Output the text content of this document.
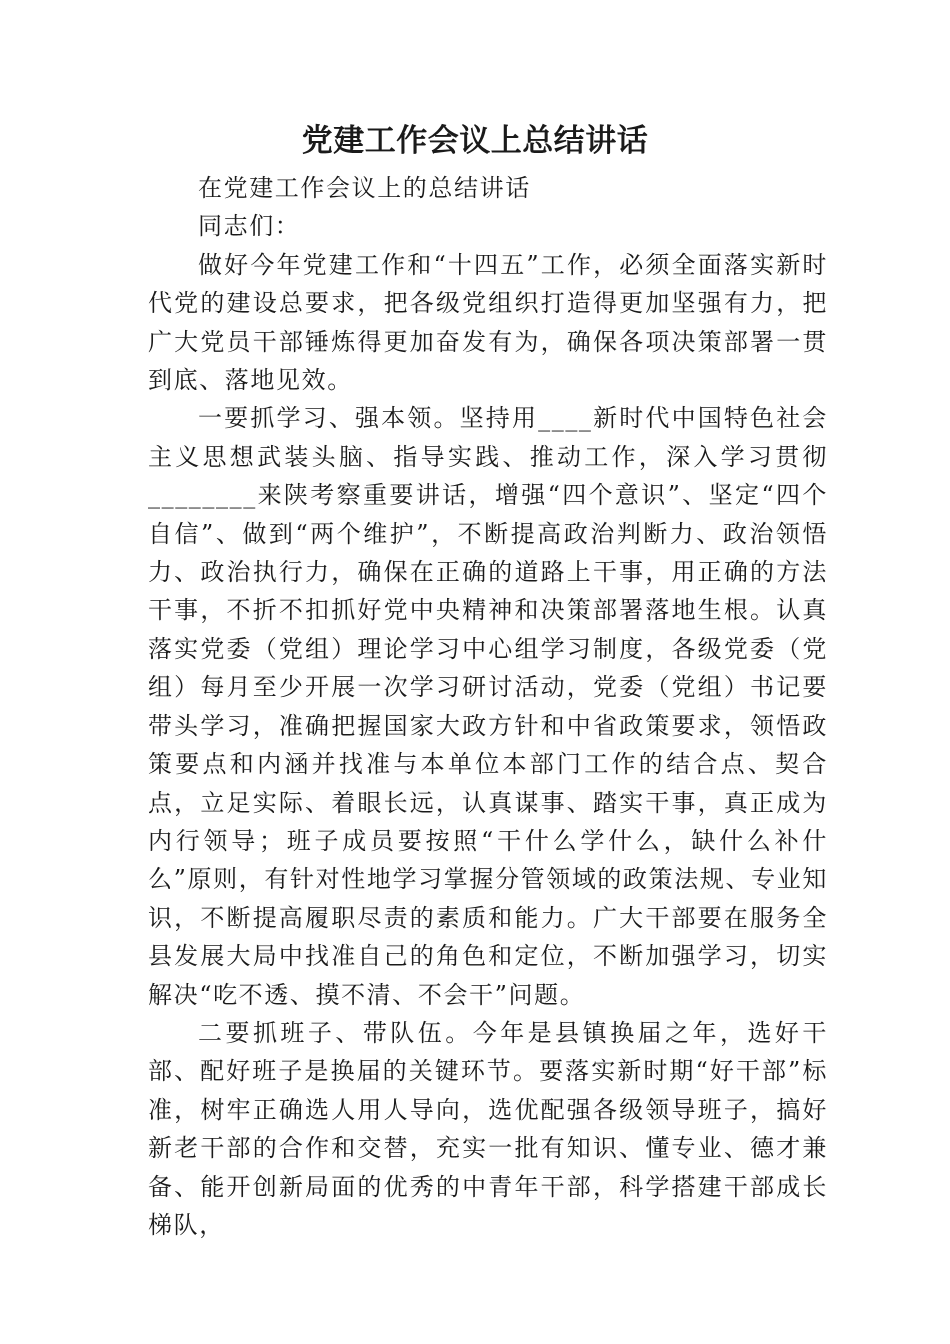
党建工作会议上总结讲话

在党建工作会议上的总结讲话

同志们：

做好今年党建工作和“十四五”工作，必须全面落实新时代党的建设总要求，把各级党组织打造得更加坚强有力，把广大党员干部锤炼得更加奋发有为，确保各项决策部署一贯到底、落地见效。

一要抓学习、强本领。坚持用____新时代中国特色社会主义思想武装头脑、指导实践、推动工作，深入学习贯彻________来陕考察重要讲话，增强“四个意识”、坚定“四个自信”、做到“两个维护”，不断提高政治判断力、政治领悟力、政治执行力，确保在正确的道路上干事，用正确的方法干事，不折不扣抓好党中央精神和决策部署落地生根。认真落实党委（党组）理论学习中心组学习制度，各级党委（党组）每月至少开展一次学习研讨活动，党委（党组）书记要带头学习，准确把握国家大政方针和中省政策要求，领悟政策要点和内涵并找准与本单位本部门工作的结合点、契合点，立足实际、着眼长远，认真谋事、踏实干事，真正成为内行领导；班子成员要按照“干什么学什么，缺什么补什么”原则，有针对性地学习掌握分管领域的政策法规、专业知识，不断提高履职尽责的素质和能力。广大干部要在服务全县发展大局中找准自己的角色和定位，不断加强学习，切实解决“吃不透、摸不清、不会干”问题。

二要抓班子、带队伍。今年是县镇换届之年，选好干部、配好班子是换届的关键环节。要落实新时期“好干部”标准，树牢正确选人用人导向，选优配强各级领导班子，搞好新老干部的合作和交替，充实一批有知识、懂专业、德才兼备、能开创新局面的优秀的中青年干部，科学搭建干部成长梯队，
